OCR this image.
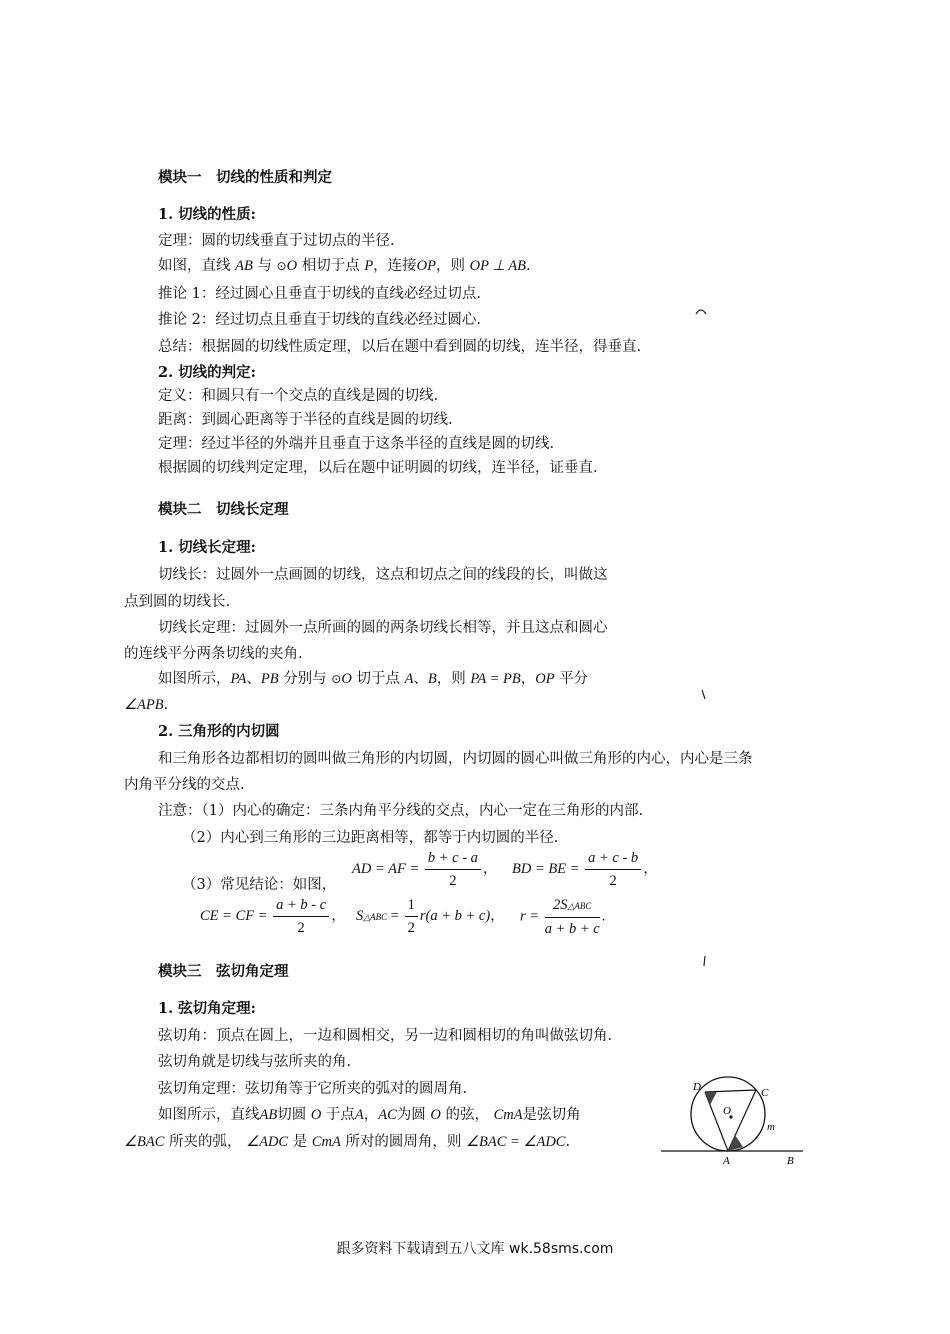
模块一　切线的性质和判定
1. 切线的性质:
定理：圆的切线垂直于过切点的半径.
如图，直线 AB 与 ⊙O 相切于点 P，连接OP，则 OP ⊥ AB.
推论 1：经过圆心且垂直于切线的直线必经过切点.
推论 2：经过切点且垂直于切线的直线必经过圆心.
总结：根据圆的切线性质定理，以后在题中看到圆的切线，连半径，得垂直.
2. 切线的判定:
定义：和圆只有一个交点的直线是圆的切线.
距离：到圆心距离等于半径的直线是圆的切线.
定理：经过半径的外端并且垂直于这条半径的直线是圆的切线.
根据圆的切线判定定理，以后在题中证明圆的切线，连半径，证垂直.
模块二　切线长定理
1. 切线长定理:
切线长：过圆外一点画圆的切线，这点和切点之间的线段的长，叫做这
点到圆的切线长.
切线长定理：过圆外一点所画的圆的两条切线长相等，并且这点和圆心
的连线平分两条切线的夹角.
如图所示，PA、PB 分别与 ⊙O 切于点 A、B，则 PA = PB，OP 平分
∠APB.
2. 三角形的内切圆
和三角形各边都相切的圆叫做三角形的内切圆，内切圆的圆心叫做三角形的内心，内心是三条
内角平分线的交点.
注意：（1）内心的确定：三条内角平分线的交点，内心一定在三角形的内部.
（2）内心到三角形的三边距离相等，都等于内切圆的半径.
（3）常见结论：如图，
AD = AF = $\frac{b + c - a}{2}$ ， BD = BE = $\frac{a + c - b}{2}$ ，
CE = CF = $\frac{a + b - c}{2}$ ， S△ABC = $\frac{1}{2} r(a + b + c)$， $r = \frac{\text{2S△ABC}}{a + b + c}$ .
模块三　弦切角定理
1. 弦切角定理:
弦切角：顶点在圆上，一边和圆相交，另一边和圆相切的角叫做弦切角.
弦切角就是切线与弦所夹的角.
弦切角定理：弦切角等于它所夹的弧对的圆周角.
如图所示，直线AB切圆 O 于点A，AC为圆 O 的弦， CmA是弦切角
∠BAC 所夹的弧， ∠ADC 是 CmA 所对的圆周角，则 ∠BAC = ∠ADC.
D	C
O
m
A	B
跟多资料下载请到五八文库 wk.58sms.com
